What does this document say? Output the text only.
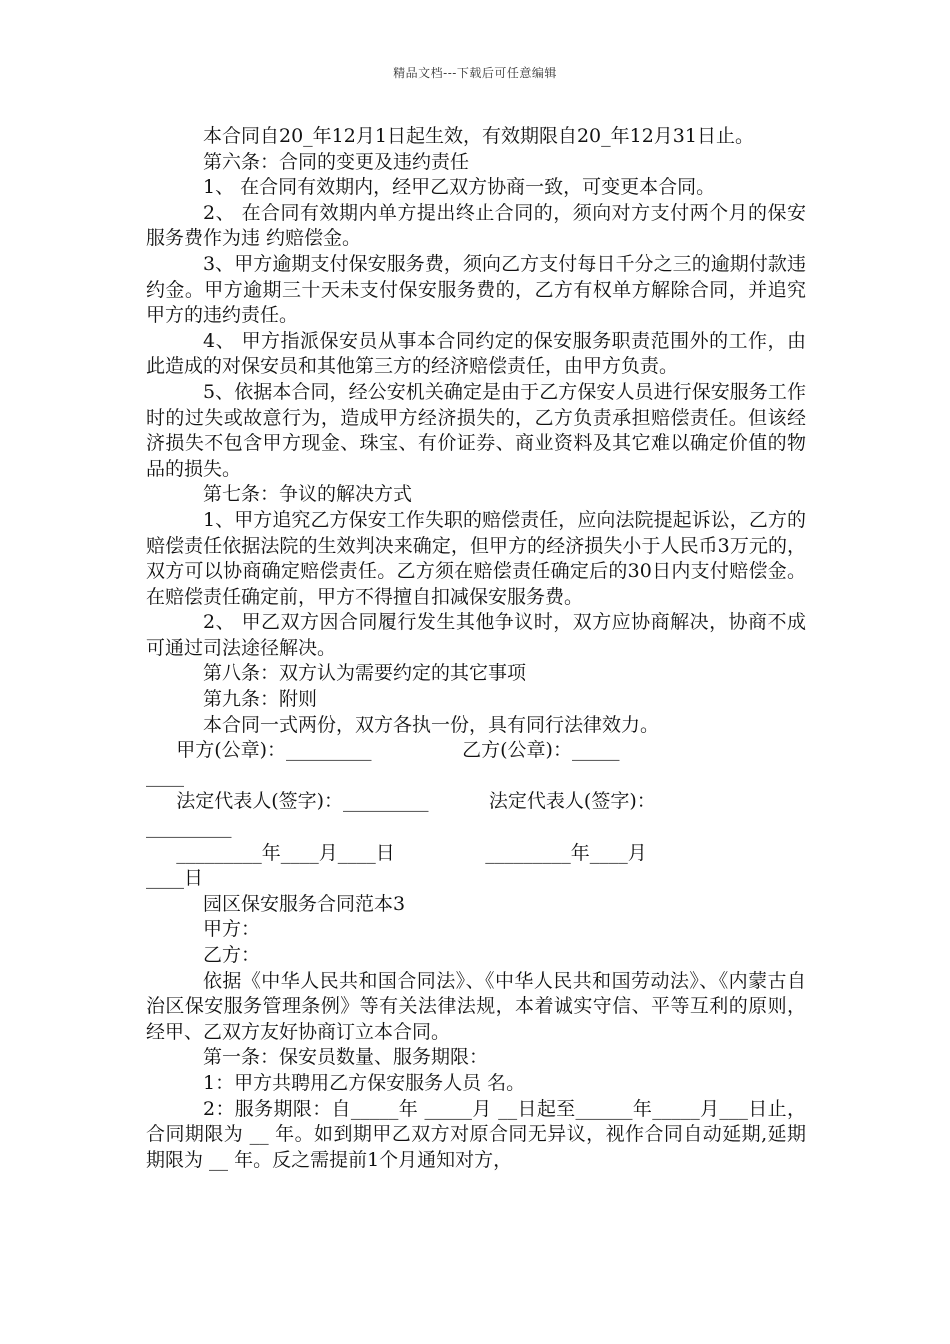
精品文档---下载后可任意编辑

本合同自20_年12月1日起生效，有效期限自20_年12月31日止。

第六条：合同的变更及违约责任

1、 在合同有效期内，经甲乙双方协商一致，可变更本合同。

2、 在合同有效期内单方提出终止合同的，须向对方支付两个月的保安服务费作为违 约赔偿金。

3、甲方逾期支付保安服务费，须向乙方支付每日千分之三的逾期付款违约金。甲方逾期三十天未支付保安服务费的，乙方有权单方解除合同，并追究甲方的违约责任。

4、 甲方指派保安员从事本合同约定的保安服务职责范围外的工作，由此造成的对保安员和其他第三方的经济赔偿责任，由甲方负责。

5、依据本合同，经公安机关确定是由于乙方保安人员进行保安服务工作时的过失或故意行为，造成甲方经济损失的，乙方负责承担赔偿责任。但该经济损失不包含甲方现金、珠宝、有价证券、商业资料及其它难以确定价值的物品的损失。

第七条：争议的解决方式

1、甲方追究乙方保安工作失职的赔偿责任，应向法院提起诉讼，乙方的赔偿责任依据法院的生效判决来确定，但甲方的经济损失小于人民币3万元的，双方可以协商确定赔偿责任。乙方须在赔偿责任确定后的30日内支付赔偿金。在赔偿责任确定前，甲方不得擅自扣减保安服务费。

2、 甲乙双方因合同履行发生其他争议时，双方应协商解决，协商不成可通过司法途径解决。

第八条：双方认为需要约定的其它事项

第九条：附则

本合同一式两份，双方各执一份，具有同行法律效力。

甲方(公章)：_________               乙方(公章)：_____

____

法定代表人(签字)：_________          法定代表人(签字)：

_________

_________年____月____日               _________年____月

____日

园区保安服务合同范本3

甲方：

乙方：

依据《中华人民共和国合同法》、《中华人民共和国劳动法》、《内蒙古自治区保安服务管理条例》等有关法律法规，本着诚实守信、平等互利的原则，经甲、乙双方友好协商订立本合同。

第一条：保安员数量、服务期限：

1：甲方共聘用乙方保安服务人员 名。

2：服务期限：自_____年 _____月 __日起至______年_____月___日止，合同期限为 __ 年。如到期甲乙双方对原合同无异议，视作合同自动延期,延期期限为 __ 年。反之需提前1个月通知对方，
